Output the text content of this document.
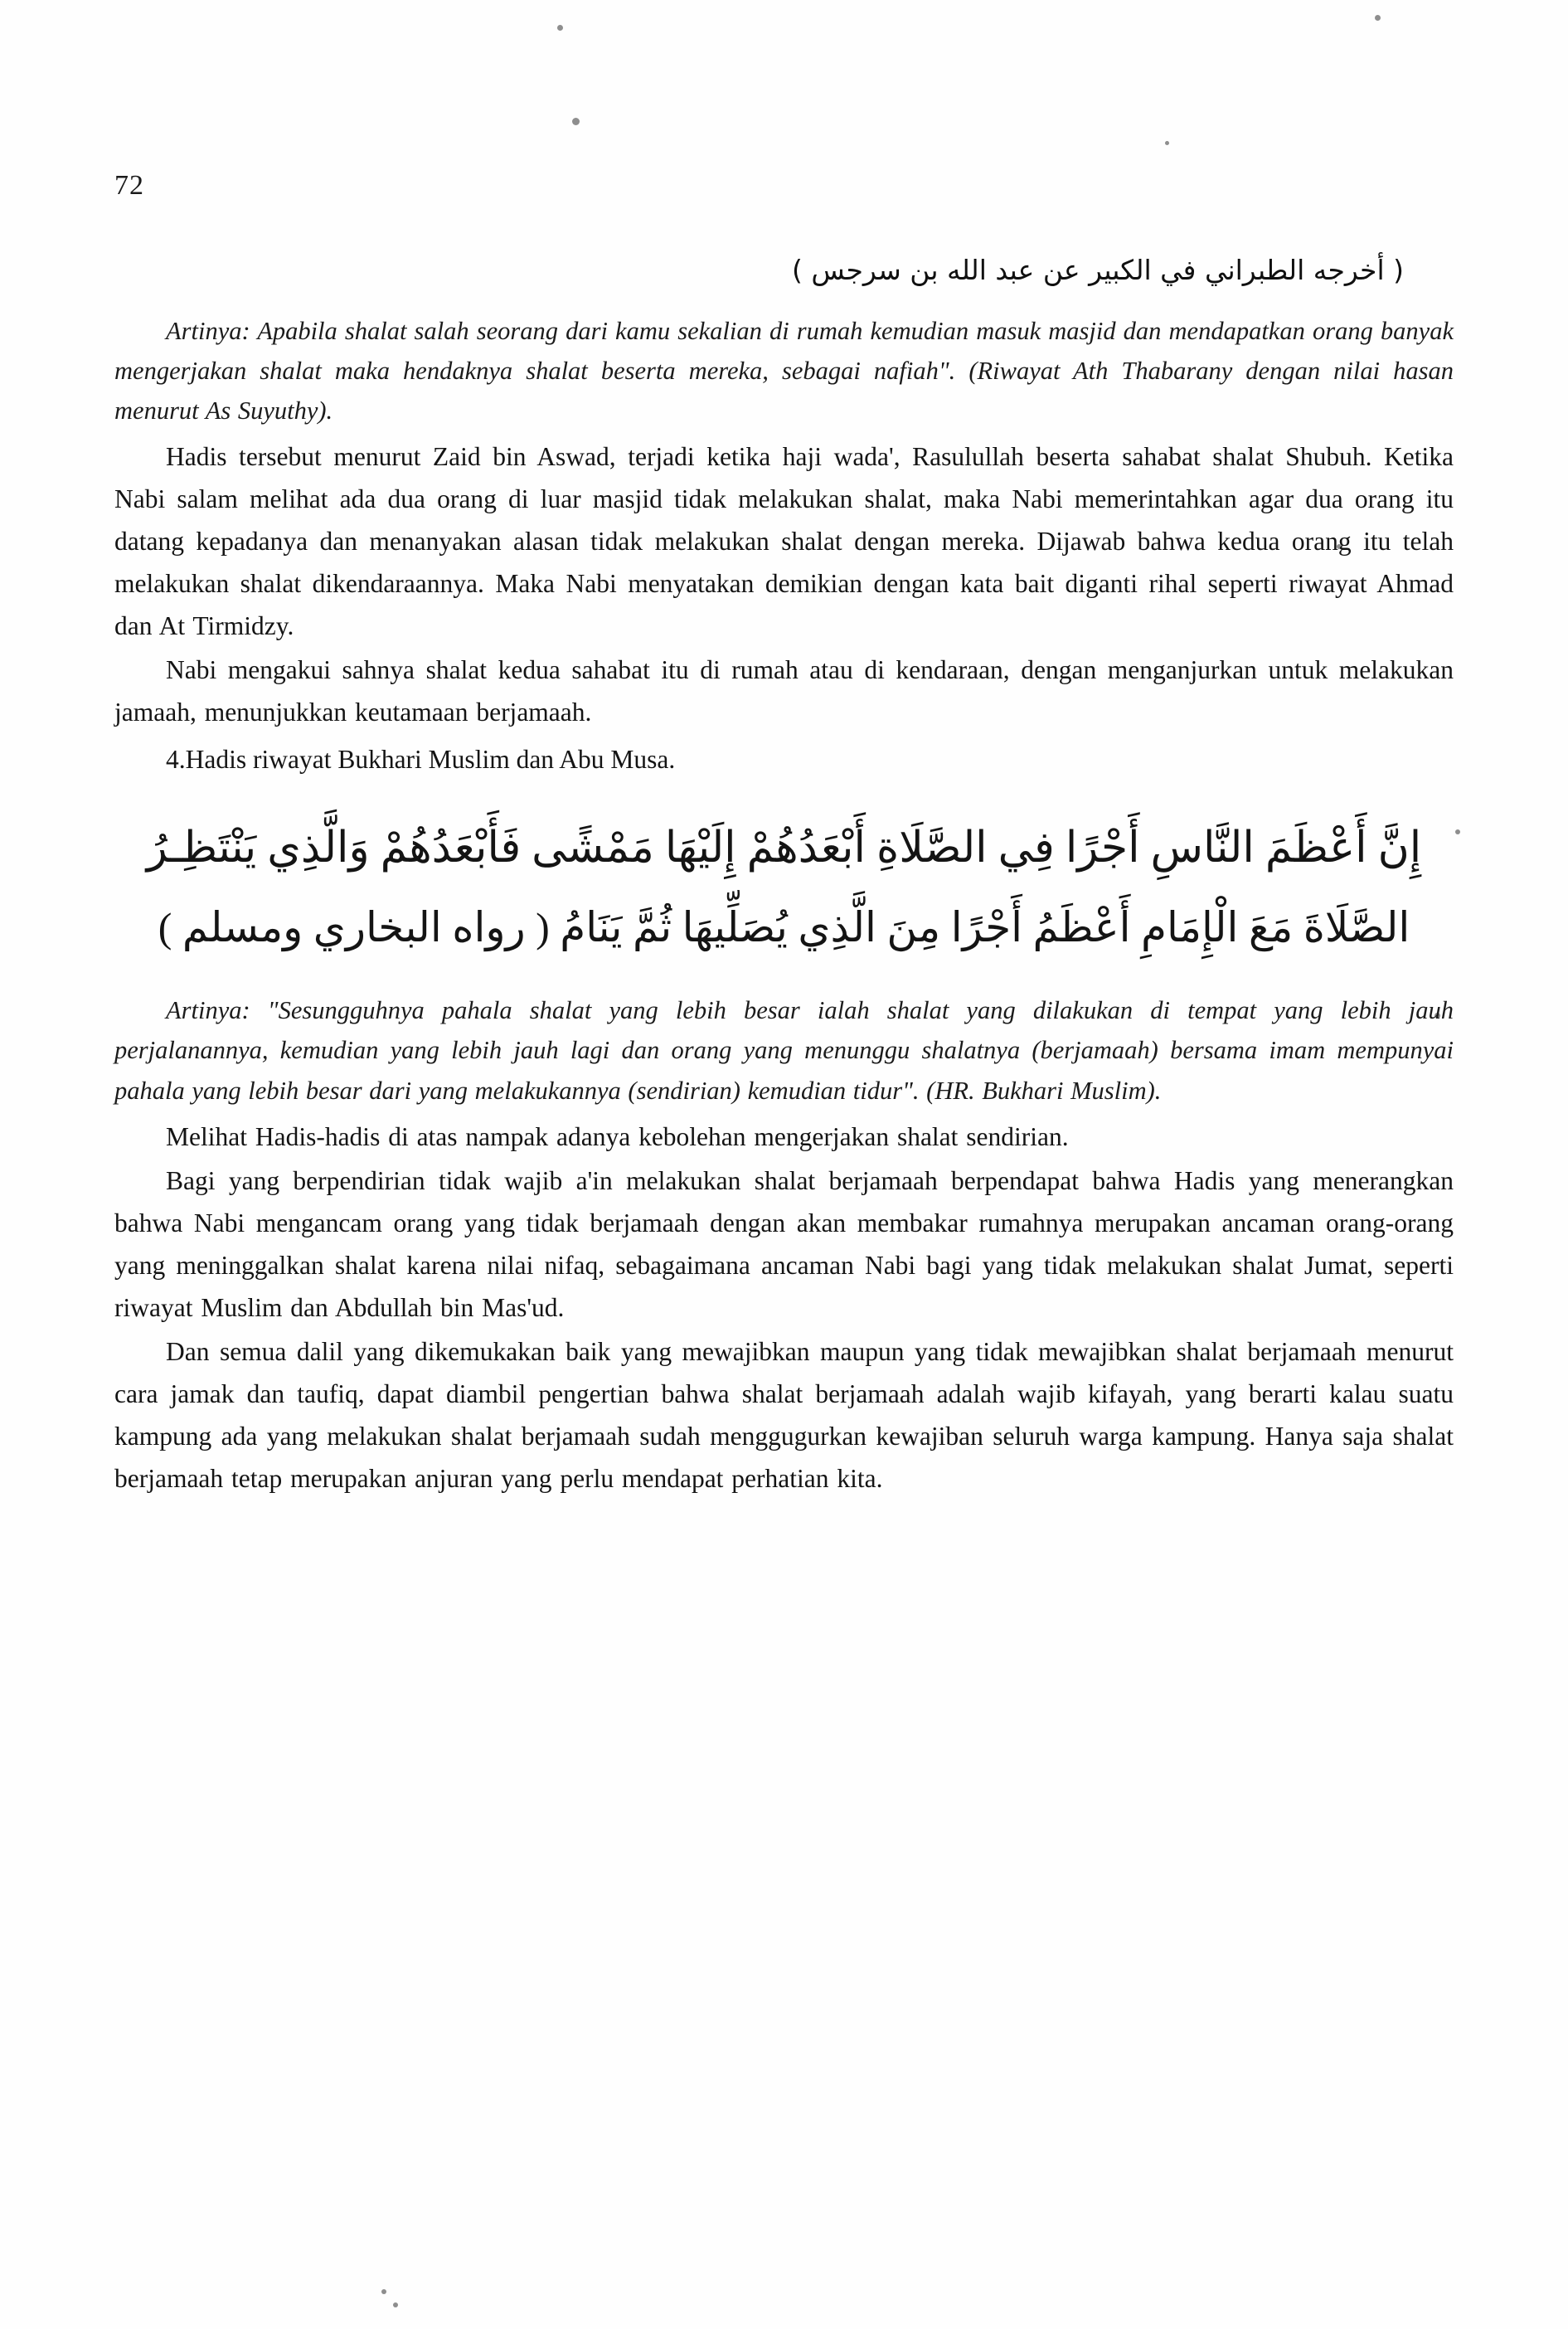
72
( أخرجه الطبراني في الكبير عن عبد الله بن سرجس )

Artinya: Apabila shalat salah seorang dari kamu sekalian di rumah kemudian masuk masjid dan mendapatkan orang banyak mengerjakan shalat maka hendaknya shalat beserta mereka, sebagai nafiah". (Riwayat Ath Thabarany dengan nilai hasan menurut As Suyuthy).

Hadis tersebut menurut Zaid bin Aswad, terjadi ketika haji wada', Rasulullah beserta sahabat shalat Shubuh. Ketika Nabi salam melihat ada dua orang di luar masjid tidak melakukan shalat, maka Nabi memerintahkan agar dua orang itu datang kepadanya dan menanyakan alasan tidak melakukan shalat dengan mereka. Dijawab bahwa kedua orang itu telah melakukan shalat dikendaraannya. Maka Nabi menyatakan demikian dengan kata bait diganti rihal seperti riwayat Ahmad dan At Tirmidzy.

Nabi mengakui sahnya shalat kedua sahabat itu di rumah atau di kendaraan, dengan menganjurkan untuk melakukan jamaah, menunjukkan keutamaan berjamaah.

4.Hadis riwayat Bukhari Muslim dan Abu Musa.

إِنَّ أَعْظَمَ النَّاسِ أَجْرًا فِي الصَّلَاةِ أَبْعَدُهُمْ إِلَيْهَا مَمْشًى فَأَبْعَدُهُمْ وَالَّذِي يَنْتَظِـرُ
الصَّلَاةَ مَعَ الْإِمَامِ أَعْظَمُ أَجْرًا مِنَ الَّذِي يُصَلِّيهَا ثُمَّ يَنَامُ ( رواه البخاري ومسلم )

Artinya: "Sesungguhnya pahala shalat yang lebih besar ialah shalat yang dilakukan di tempat yang lebih jauh perjalanannya, kemudian yang lebih jauh lagi dan orang yang menunggu shalatnya (berjamaah) bersama imam mempunyai pahala yang lebih besar dari yang melakukannya (sendirian) kemudian tidur". (HR. Bukhari Muslim).

Melihat Hadis-hadis di atas nampak adanya kebolehan mengerjakan shalat sendirian.

Bagi yang berpendirian tidak wajib a'in melakukan shalat berjamaah berpendapat bahwa Hadis yang menerangkan bahwa Nabi mengancam orang yang tidak berjamaah dengan akan membakar rumahnya merupakan ancaman orang-orang yang meninggalkan shalat karena nilai nifaq, sebagaimana ancaman Nabi bagi yang tidak melakukan shalat Jumat, seperti riwayat Muslim dan Abdullah bin Mas'ud.

Dan semua dalil yang dikemukakan baik yang mewajibkan maupun yang tidak mewajibkan shalat berjamaah menurut cara jamak dan taufiq, dapat diambil pengertian bahwa shalat berjamaah adalah wajib kifayah, yang berarti kalau suatu kampung ada yang melakukan shalat berjamaah sudah menggugurkan kewajiban seluruh warga kampung. Hanya saja shalat berjamaah tetap merupakan anjuran yang perlu mendapat perhatian kita.
